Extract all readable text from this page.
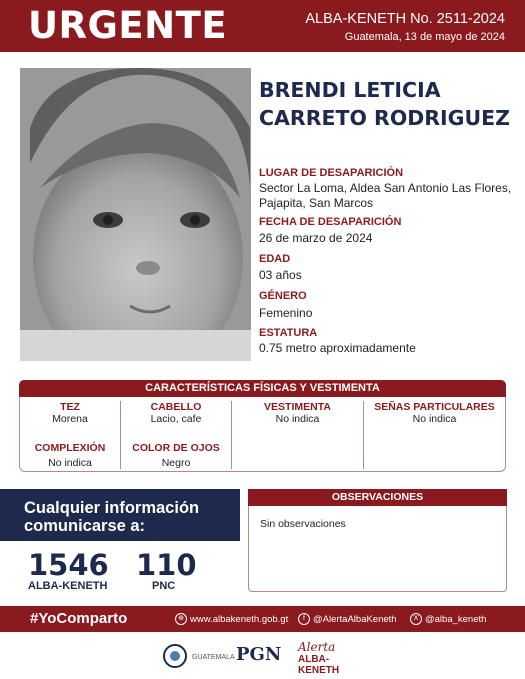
URGENTE	ALBA-KENETH No. 2511-2024
Guatemala, 13 de mayo de 2024
BRENDI LETICIA
CARRETO RODRIGUEZ
LUGAR DE DESAPARICIÓN
Sector La Loma, Aldea San Antonio Las Flores,
Pajapita, San Marcos
FECHA DE DESAPARICIÓN
26 de marzo de 2024
EDAD
03 años
GÉNERO
Femenino
ESTATURA
0.75 metro aproximadamente
CARACTERÍSTICAS FÍSICAS Y VESTIMENTA
TEZ
Morena
CABELLO
Lacio, cafe
VESTIMENTA
No indica
SEÑAS PARTICULARES
No indica
COMPLEXIÓN
No indica
COLOR DE OJOS
Negro
Cualquier información
comunicarse a:
1546
ALBA-KENETH
110
PNC
OBSERVACIONES
Sin observaciones
#YoComparto	⊕ www.albakeneth.gob.gt	f @AlertaAlbaKeneth	X @alba_keneth
GUATEMALA PGN	Alerta
ALBA-KENETH
